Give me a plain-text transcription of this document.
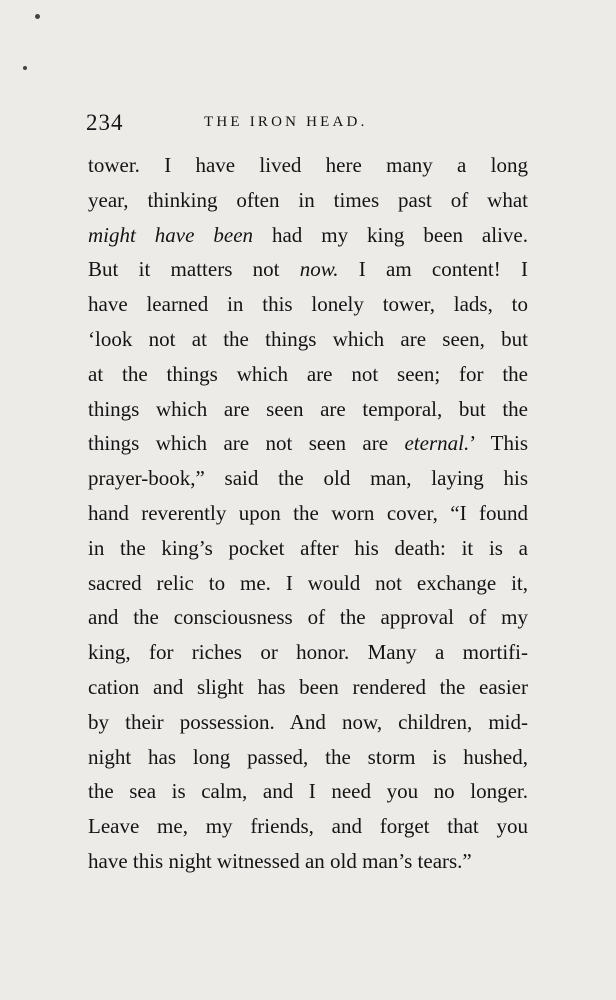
234	THE IRON HEAD.
tower. I have lived here many a long
year, thinking often in times past of what
might have been had my king been alive.
But it matters not now. I am content! I
have learned in this lonely tower, lads, to
‘look not at the things which are seen, but
at the things which are not seen; for the
things which are seen are temporal, but the
things which are not seen are eternal.’ This
prayer-book,” said the old man, laying his
hand reverently upon the worn cover, “I found
in the king’s pocket after his death: it is a
sacred relic to me. I would not exchange it,
and the consciousness of the approval of my
king, for riches or honor. Many a mortifi-
cation and slight has been rendered the easier
by their possession. And now, children, mid-
night has long passed, the storm is hushed,
the sea is calm, and I need you no longer.
Leave me, my friends, and forget that you
have this night witnessed an old man’s tears.”
